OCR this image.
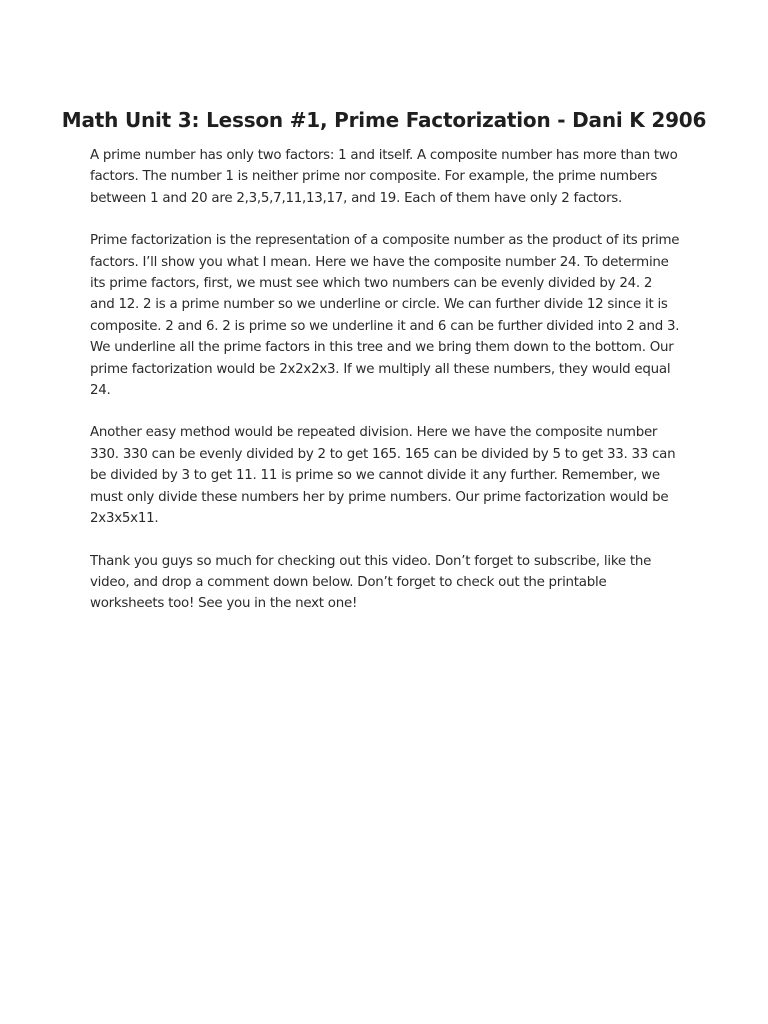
Math Unit 3: Lesson #1, Prime Factorization - Dani K 2906

A prime number has only two factors: 1 and itself. A composite number has more than two factors. The number 1 is neither prime nor composite. For example, the prime numbers between 1 and 20 are 2,3,5,7,11,13,17, and 19. Each of them have only 2 factors.

Prime factorization is the representation of a composite number as the product of its prime factors. I’ll show you what I mean. Here we have the composite number 24. To determine its prime factors, first, we must see which two numbers can be evenly divided by 24. 2 and 12. 2 is a prime number so we underline or circle. We can further divide 12 since it is composite. 2 and 6. 2 is prime so we underline it and 6 can be further divided into 2 and 3. We underline all the prime factors in this tree and we bring them down to the bottom. Our prime factorization would be 2x2x2x3. If we multiply all these numbers, they would equal 24.

Another easy method would be repeated division. Here we have the composite number 330. 330 can be evenly divided by 2 to get 165. 165 can be divided by 5 to get 33. 33 can be divided by 3 to get 11. 11 is prime so we cannot divide it any further. Remember, we must only divide these numbers her by prime numbers. Our prime factorization would be 2x3x5x11.

Thank you guys so much for checking out this video. Don’t forget to subscribe, like the video, and drop a comment down below. Don’t forget to check out the printable worksheets too! See you in the next one!
